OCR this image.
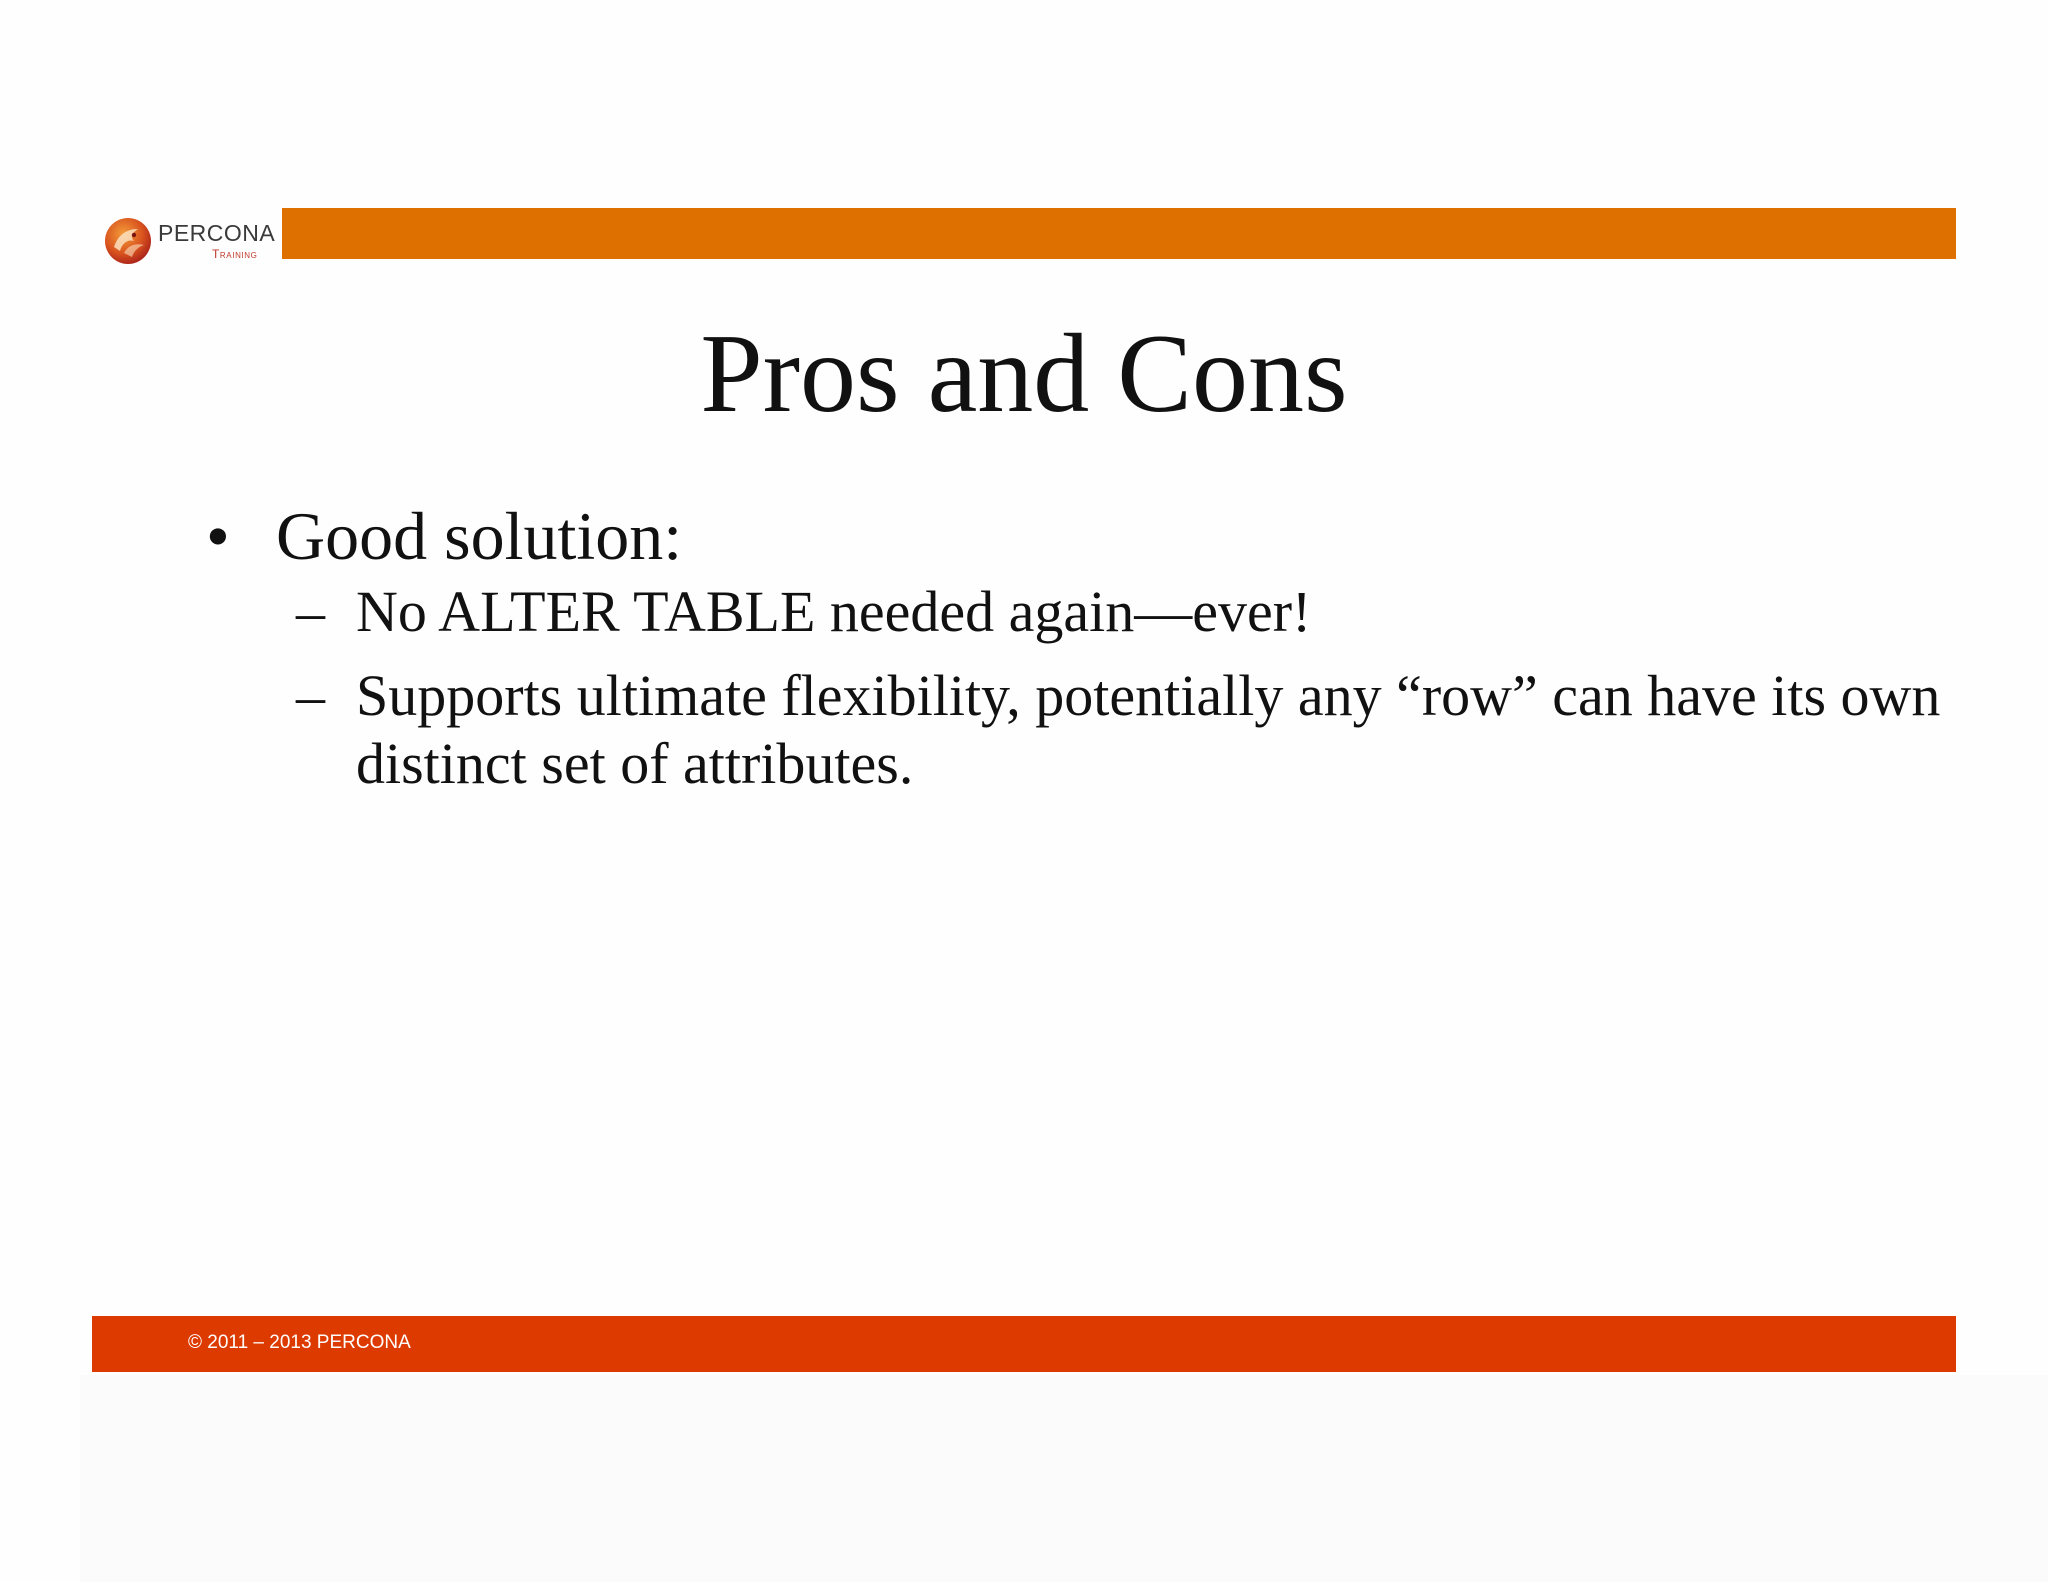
PERCONA
Training
Pros and Cons
• Good solution:
– No ALTER TABLE needed again—ever!
– Supports ultimate flexibility, potentially any “row” can have its own distinct set of attributes.
© 2011 – 2013 PERCONA
